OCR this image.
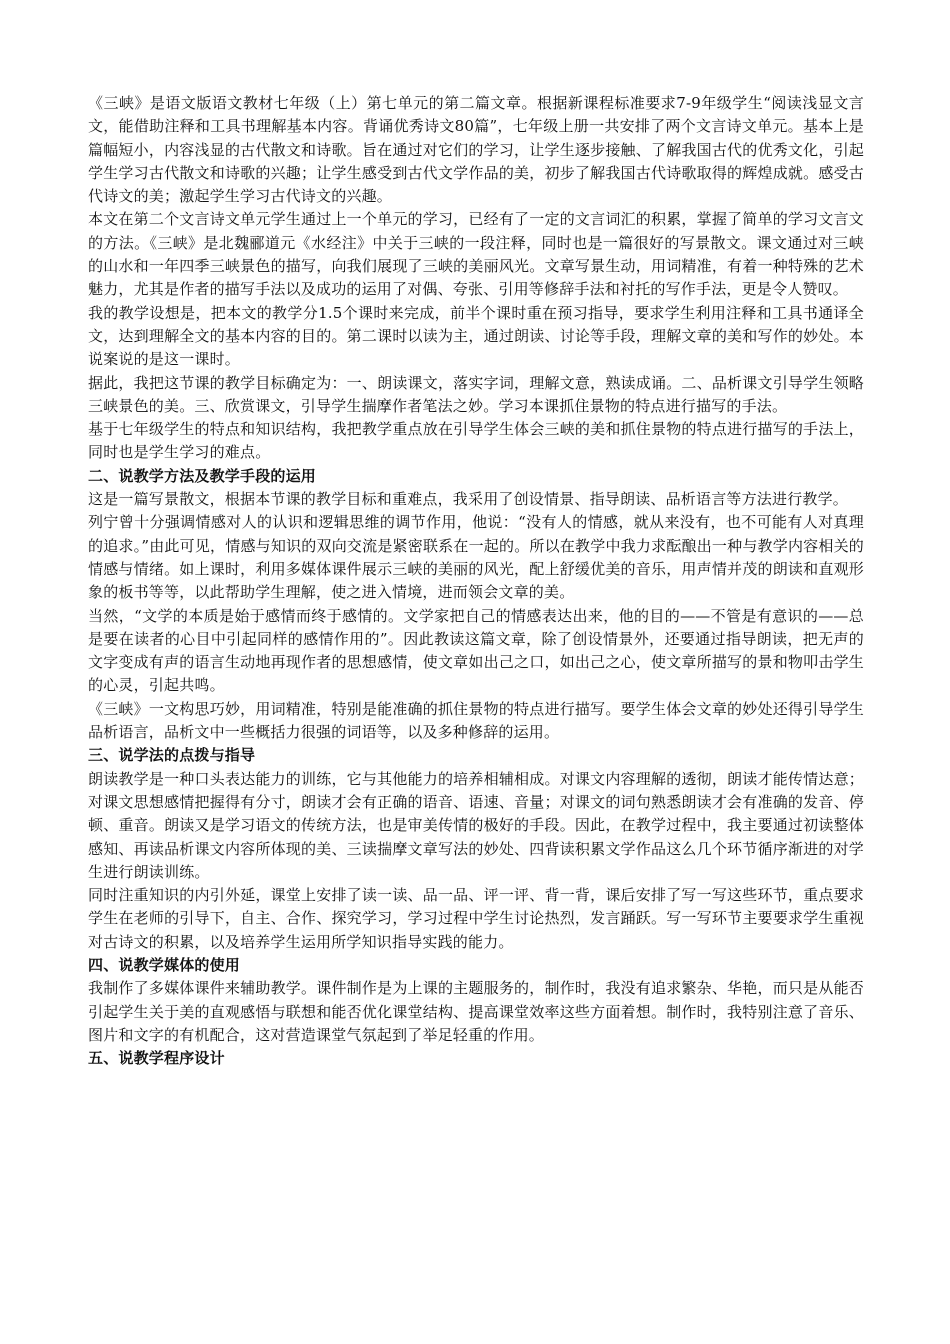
《三峡》是语文版语文教材七年级（上）第七单元的第二篇文章。根据新课程标准要求7-9年级学生“阅读浅显文言文，能借助注释和工具书理解基本内容。背诵优秀诗文80篇”，七年级上册一共安排了两个文言诗文单元。基本上是篇幅短小，内容浅显的古代散文和诗歌。旨在通过对它们的学习，让学生逐步接触、了解我国古代的优秀文化，引起学生学习古代散文和诗歌的兴趣；让学生感受到古代文学作品的美，初步了解我国古代诗歌取得的辉煌成就。感受古代诗文的美；激起学生学习古代诗文的兴趣。

本文在第二个文言诗文单元学生通过上一个单元的学习，已经有了一定的文言词汇的积累，掌握了简单的学习文言文的方法。《三峡》是北魏郦道元《水经注》中关于三峡的一段注释，同时也是一篇很好的写景散文。课文通过对三峡的山水和一年四季三峡景色的描写，向我们展现了三峡的美丽风光。文章写景生动，用词精准，有着一种特殊的艺术魅力，尤其是作者的描写手法以及成功的运用了对偶、夸张、引用等修辞手法和衬托的写作手法，更是令人赞叹。

我的教学设想是，把本文的教学分1.5个课时来完成，前半个课时重在预习指导，要求学生利用注释和工具书通译全文，达到理解全文的基本内容的目的。第二课时以读为主，通过朗读、讨论等手段，理解文章的美和写作的妙处。本说案说的是这一课时。

据此，我把这节课的教学目标确定为：一、朗读课文，落实字词，理解文意，熟读成诵。二、品析课文引导学生领略三峡景色的美。三、欣赏课文，引导学生揣摩作者笔法之妙。学习本课抓住景物的特点进行描写的手法。

基于七年级学生的特点和知识结构，我把教学重点放在引导学生体会三峡的美和抓住景物的特点进行描写的手法上，同时也是学生学习的难点。

二、说教学方法及教学手段的运用

这是一篇写景散文，根据本节课的教学目标和重难点，我采用了创设情景、指导朗读、品析语言等方法进行教学。

列宁曾十分强调情感对人的认识和逻辑思维的调节作用，他说：“没有人的情感，就从来没有，也不可能有人对真理的追求。”由此可见，情感与知识的双向交流是紧密联系在一起的。所以在教学中我力求酝酿出一种与教学内容相关的情感与情绪。如上课时，利用多媒体课件展示三峡的美丽的风光，配上舒缓优美的音乐，用声情并茂的朗读和直观形象的板书等等，以此帮助学生理解，使之进入情境，进而领会文章的美。

当然，“文学的本质是始于感情而终于感情的。文学家把自己的情感表达出来，他的目的——不管是有意识的——总是要在读者的心目中引起同样的感情作用的”。因此教读这篇文章，除了创设情景外，还要通过指导朗读，把无声的文字变成有声的语言生动地再现作者的思想感情，使文章如出己之口，如出己之心，使文章所描写的景和物叩击学生的心灵，引起共鸣。

《三峡》一文构思巧妙，用词精准，特别是能准确的抓住景物的特点进行描写。要学生体会文章的妙处还得引导学生品析语言，品析文中一些概括力很强的词语等，以及多种修辞的运用。

三、说学法的点拨与指导

朗读教学是一种口头表达能力的训练，它与其他能力的培养相辅相成。对课文内容理解的透彻，朗读才能传情达意；对课文思想感情把握得有分寸，朗读才会有正确的语音、语速、音量；对课文的词句熟悉朗读才会有准确的发音、停顿、重音。朗读又是学习语文的传统方法，也是审美传情的极好的手段。因此，在教学过程中，我主要通过初读整体感知、再读品析课文内容所体现的美、三读揣摩文章写法的妙处、四背读积累文学作品这么几个环节循序渐进的对学生进行朗读训练。

同时注重知识的内引外延，课堂上安排了读一读、品一品、评一评、背一背，课后安排了写一写这些环节，重点要求学生在老师的引导下，自主、合作、探究学习，学习过程中学生讨论热烈，发言踊跃。写一写环节主要要求学生重视对古诗文的积累，以及培养学生运用所学知识指导实践的能力。

四、说教学媒体的使用

我制作了多媒体课件来辅助教学。课件制作是为上课的主题服务的，制作时，我没有追求繁杂、华艳，而只是从能否引起学生关于美的直观感悟与联想和能否优化课堂结构、提高课堂效率这些方面着想。制作时，我特别注意了音乐、图片和文字的有机配合，这对营造课堂气氛起到了举足轻重的作用。

五、说教学程序设计
